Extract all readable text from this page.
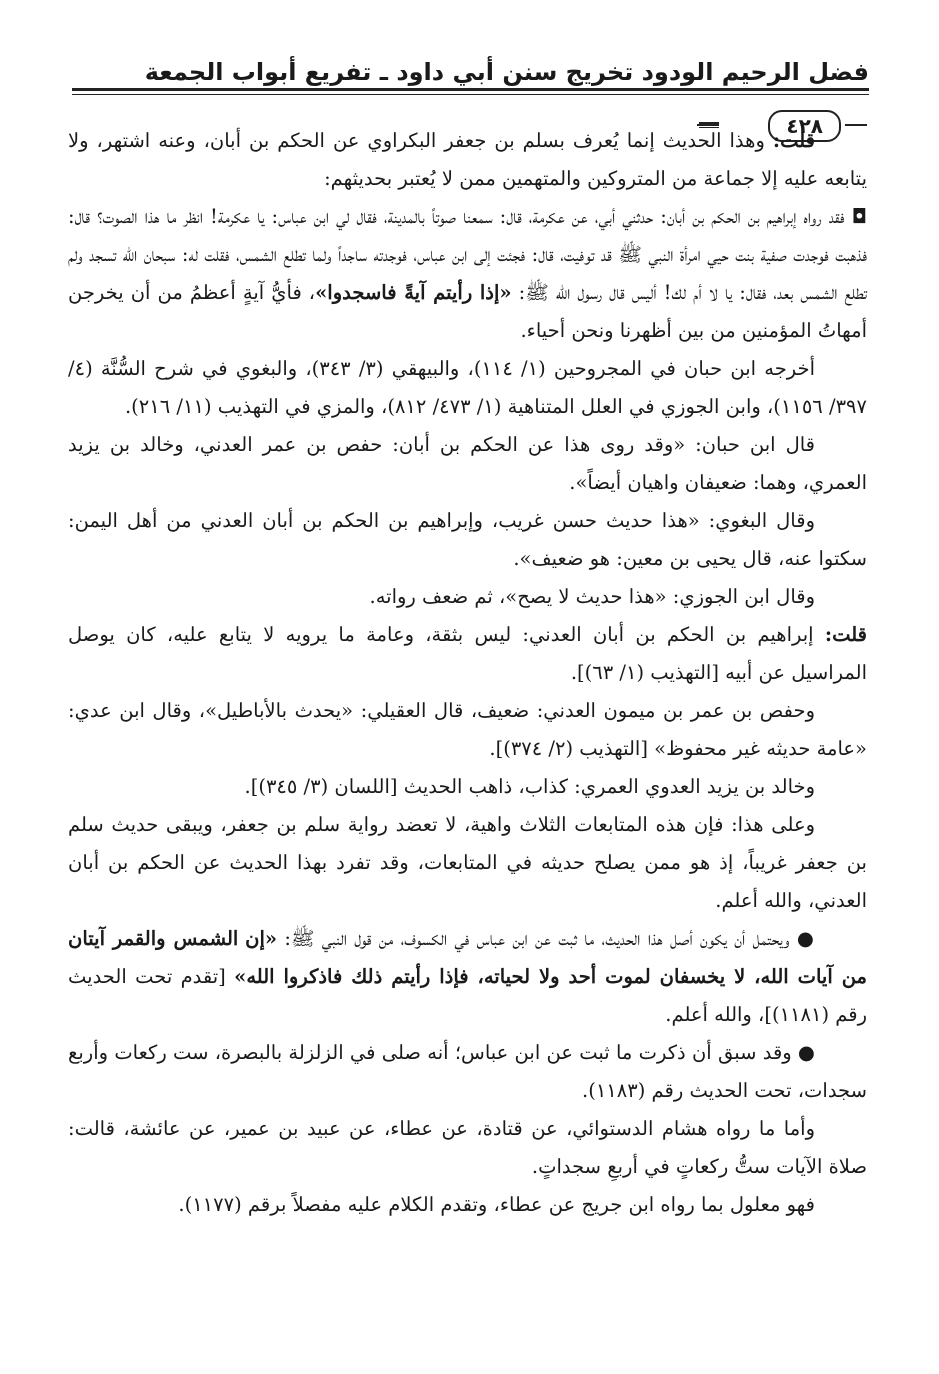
فضل الرحيم الودود تخريج سنن أبي داود ـ تفريع أبواب الجمعة
٤٢٨

قلت: وهذا الحديث إنما يُعرف بسلم بن جعفر البكراوي عن الحكم بن أبان، وعنه اشتهر، ولا يتابعه عليه إلا جماعة من المتروكين والمتهمين ممن لا يُعتبر بحديثهم:

◘ فقد رواه إبراهيم بن الحكم بن أبان: حدثني أبي، عن عكرمة، قال: سمعنا صوتاً بالمدينة، فقال لي ابن عباس: يا عكرمة! انظر ما هذا الصوت؟ قال: فذهبت فوجدت صفية بنت حيي امرأة النبي ﷺ قد توفيت، قال: فجئت إلى ابن عباس، فوجدته ساجداً ولما تطلع الشمس، فقلت له: سبحان الله تسجد ولم تطلع الشمس بعد، فقال: يا لا أم لك! أليس قال رسول الله ﷺ: «إذا رأيتم آيةً فاسجدوا»، فأيُّ آيةٍ أعظمُ من أن يخرجن أمهاتُ المؤمنين من بين أظهرنا ونحن أحياء.

أخرجه ابن حبان في المجروحين (١/ ١١٤)، والبيهقي (٣/ ٣٤٣)، والبغوي في شرح السُّنَّة (٤/ ٣٩٧/ ١١٥٦)، وابن الجوزي في العلل المتناهية (١/ ٤٧٣/ ٨١٢)، والمزي في التهذيب (١١/ ٢١٦).

قال ابن حبان: «وقد روى هذا عن الحكم بن أبان: حفص بن عمر العدني، وخالد بن يزيد العمري، وهما: ضعيفان واهيان أيضاً».

وقال البغوي: «هذا حديث حسن غريب، وإبراهيم بن الحكم بن أبان العدني من أهل اليمن: سكتوا عنه، قال يحيى بن معين: هو ضعيف».

وقال ابن الجوزي: «هذا حديث لا يصح»، ثم ضعف رواته.

قلت: إبراهيم بن الحكم بن أبان العدني: ليس بثقة، وعامة ما يرويه لا يتابع عليه، كان يوصل المراسيل عن أبيه [التهذيب (١/ ٦٣)].

وحفص بن عمر بن ميمون العدني: ضعيف، قال العقيلي: «يحدث بالأباطيل»، وقال ابن عدي: «عامة حديثه غير محفوظ» [التهذيب (٢/ ٣٧٤)].

وخالد بن يزيد العدوي العمري: كذاب، ذاهب الحديث [اللسان (٣/ ٣٤٥)].

وعلى هذا: فإن هذه المتابعات الثلاث واهية، لا تعضد رواية سلم بن جعفر، ويبقى حديث سلم بن جعفر غريباً، إذ هو ممن يصلح حديثه في المتابعات، وقد تفرد بهذا الحديث عن الحكم بن أبان العدني، والله أعلم.

● ويحتمل أن يكون أصل هذا الحديث، ما ثبت عن ابن عباس في الكسوف، من قول النبي ﷺ: «إن الشمس والقمر آيتان من آيات الله، لا يخسفان لموت أحد ولا لحياته، فإذا رأيتم ذلك فاذكروا الله» [تقدم تحت الحديث رقم (١١٨١)]، والله أعلم.

● وقد سبق أن ذكرت ما ثبت عن ابن عباس؛ أنه صلى في الزلزلة بالبصرة، ست ركعات وأربع سجدات، تحت الحديث رقم (١١٨٣).

وأما ما رواه هشام الدستوائي، عن قتادة، عن عطاء، عن عبيد بن عمير، عن عائشة، قالت: صلاة الآيات ستُّ ركعاتٍ في أربعِ سجداتٍ.

فهو معلول بما رواه ابن جريج عن عطاء، وتقدم الكلام عليه مفصلاً برقم (١١٧٧).
